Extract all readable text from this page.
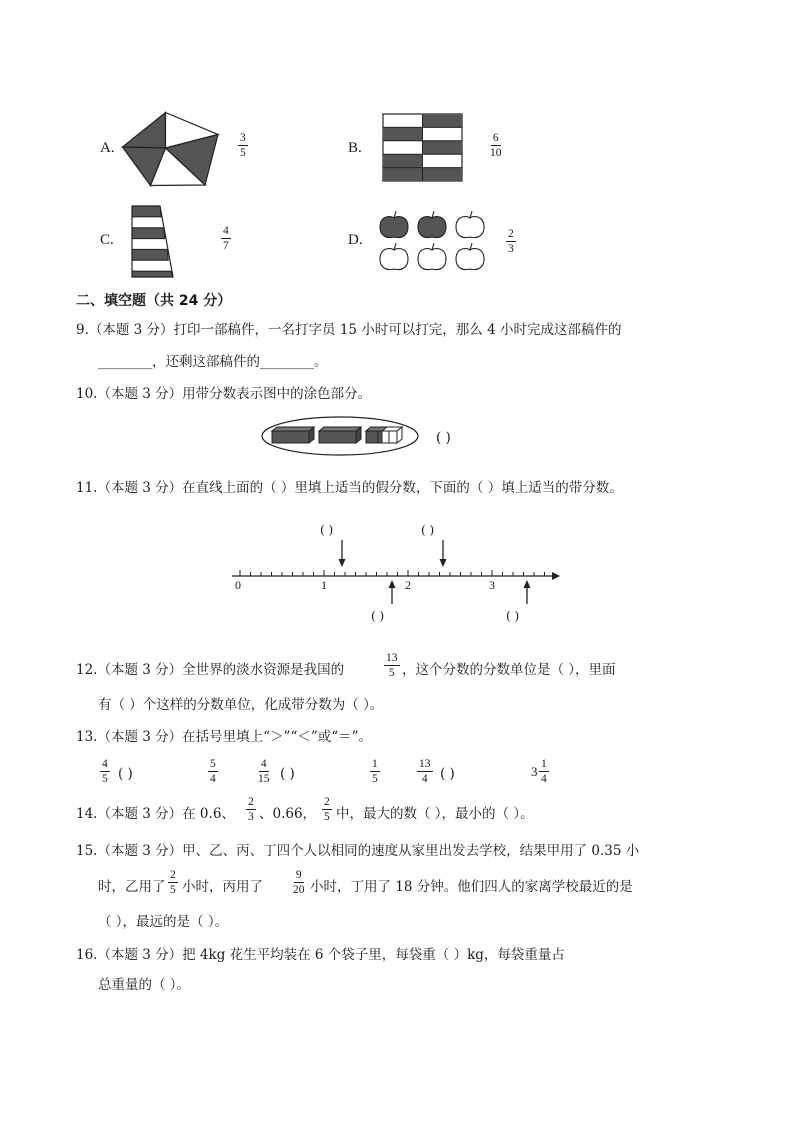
A.	$\frac{3}{5}$	B.	$\frac{6}{10}$
C.	$\frac{4}{7}$	D.	$\frac{2}{3}$
二、填空题（共 24 分）
9.（本题 3 分）打印一部稿件，一名打字员 15 小时可以打完，那么 4 小时完成这部稿件的
________，还剩这部稿件的________。
10.（本题 3 分）用带分数表示图中的涂色部分。
( )
11.（本题 3 分）在直线上面的（ ）里填上适当的假分数，下面的（ ）填上适当的带分数。
( )	( )
( )	( )
0	1	2	3
12.（本题 3 分）全世界的淡水资源是我国的	$\frac{13}{5}$ ，这个分数的分数单位是（ ），里面
有（ ）个这样的分数单位，化成带分数为（ ）。
13.（本题 3 分）在括号里填上“＞”“＜”或“＝”。
$\frac{4}{5}$ ( )	$\frac{5}{4}$	$\frac{4}{15}$ ( )	$\frac{1}{5}$	$\frac{13}{4}$ ( )	$3 \frac{1}{4}$
14.（本题 3 分）在 0.6、 $\frac{2}{3}$ 、0.66， $\frac{2}{5}$ 中，最大的数（ ），最小的（ ）。
15.（本题 3 分）甲、乙、丙、丁四个人以相同的速度从家里出发去学校，结果甲用了 0.35 小
时，乙用了 $\frac{2}{5}$ 小时，丙用了 $\frac{9}{20}$ 小时，丁用了 18 分钟。他们四人的家离学校最近的是
（ ），最远的是（ ）。
16.（本题 3 分）把 4kg 花生平均装在 6 个袋子里，每袋重（ ）kg，每袋重量占
总重量的（ ）。
